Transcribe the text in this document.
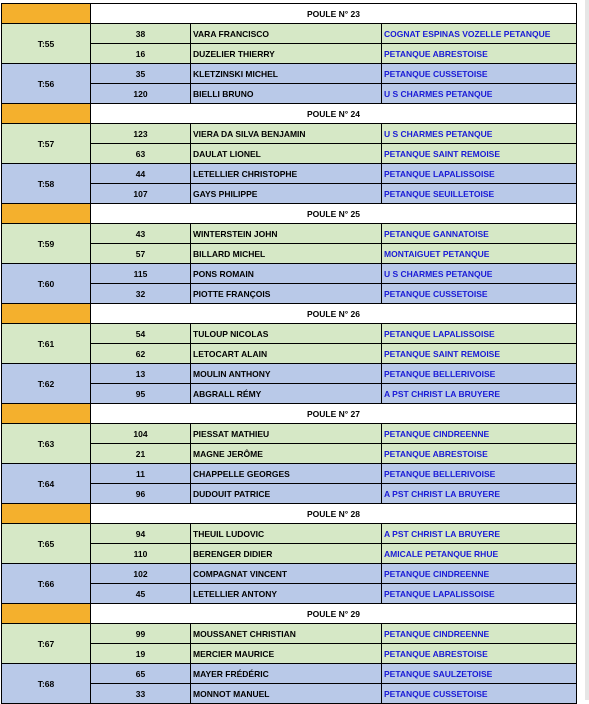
POULE N° 23
T:55
38	VARA FRANCISCO	COGNAT ESPINAS VOZELLE PETANQUE
16	DUZELIER THIERRY	PETANQUE ABRESTOISE
T:56
35	KLETZINSKI MICHEL	PETANQUE CUSSETOISE
120	BIELLI BRUNO	U S CHARMES PETANQUE
POULE N° 24
T:57
123	VIERA DA SILVA BENJAMIN	U S CHARMES PETANQUE
63	DAULAT LIONEL	PETANQUE SAINT REMOISE
T:58
44	LETELLIER CHRISTOPHE	PETANQUE LAPALISSOISE
107	GAYS PHILIPPE	PETANQUE SEUILLETOISE
POULE N° 25
T:59
43	WINTERSTEIN JOHN	PETANQUE GANNATOISE
57	BILLARD MICHEL	MONTAIGUET PETANQUE
T:60
115	PONS ROMAIN	U S CHARMES PETANQUE
32	PIOTTE FRANÇOIS	PETANQUE CUSSETOISE
POULE N° 26
T:61
54	TULOUP NICOLAS	PETANQUE LAPALISSOISE
62	LETOCART ALAIN	PETANQUE SAINT REMOISE
T:62
13	MOULIN ANTHONY	PETANQUE BELLERIVOISE
95	ABGRALL RÉMY	A PST CHRIST LA BRUYERE
POULE N° 27
T:63
104	PIESSAT MATHIEU	PETANQUE CINDREENNE
21	MAGNE JERÔME	PETANQUE ABRESTOISE
T:64
11	CHAPPELLE GEORGES	PETANQUE BELLERIVOISE
96	DUDOUIT PATRICE	A PST CHRIST LA BRUYERE
POULE N° 28
T:65
94	THEUIL LUDOVIC	A PST CHRIST LA BRUYERE
110	BERENGER DIDIER	AMICALE PETANQUE RHUE
T:66
102	COMPAGNAT VINCENT	PETANQUE CINDREENNE
45	LETELLIER ANTONY	PETANQUE LAPALISSOISE
POULE N° 29
T:67
99	MOUSSANET CHRISTIAN	PETANQUE CINDREENNE
19	MERCIER MAURICE	PETANQUE ABRESTOISE
T:68
65	MAYER FRÉDÉRIC	PETANQUE SAULZETOISE
33	MONNOT MANUEL	PETANQUE CUSSETOISE
